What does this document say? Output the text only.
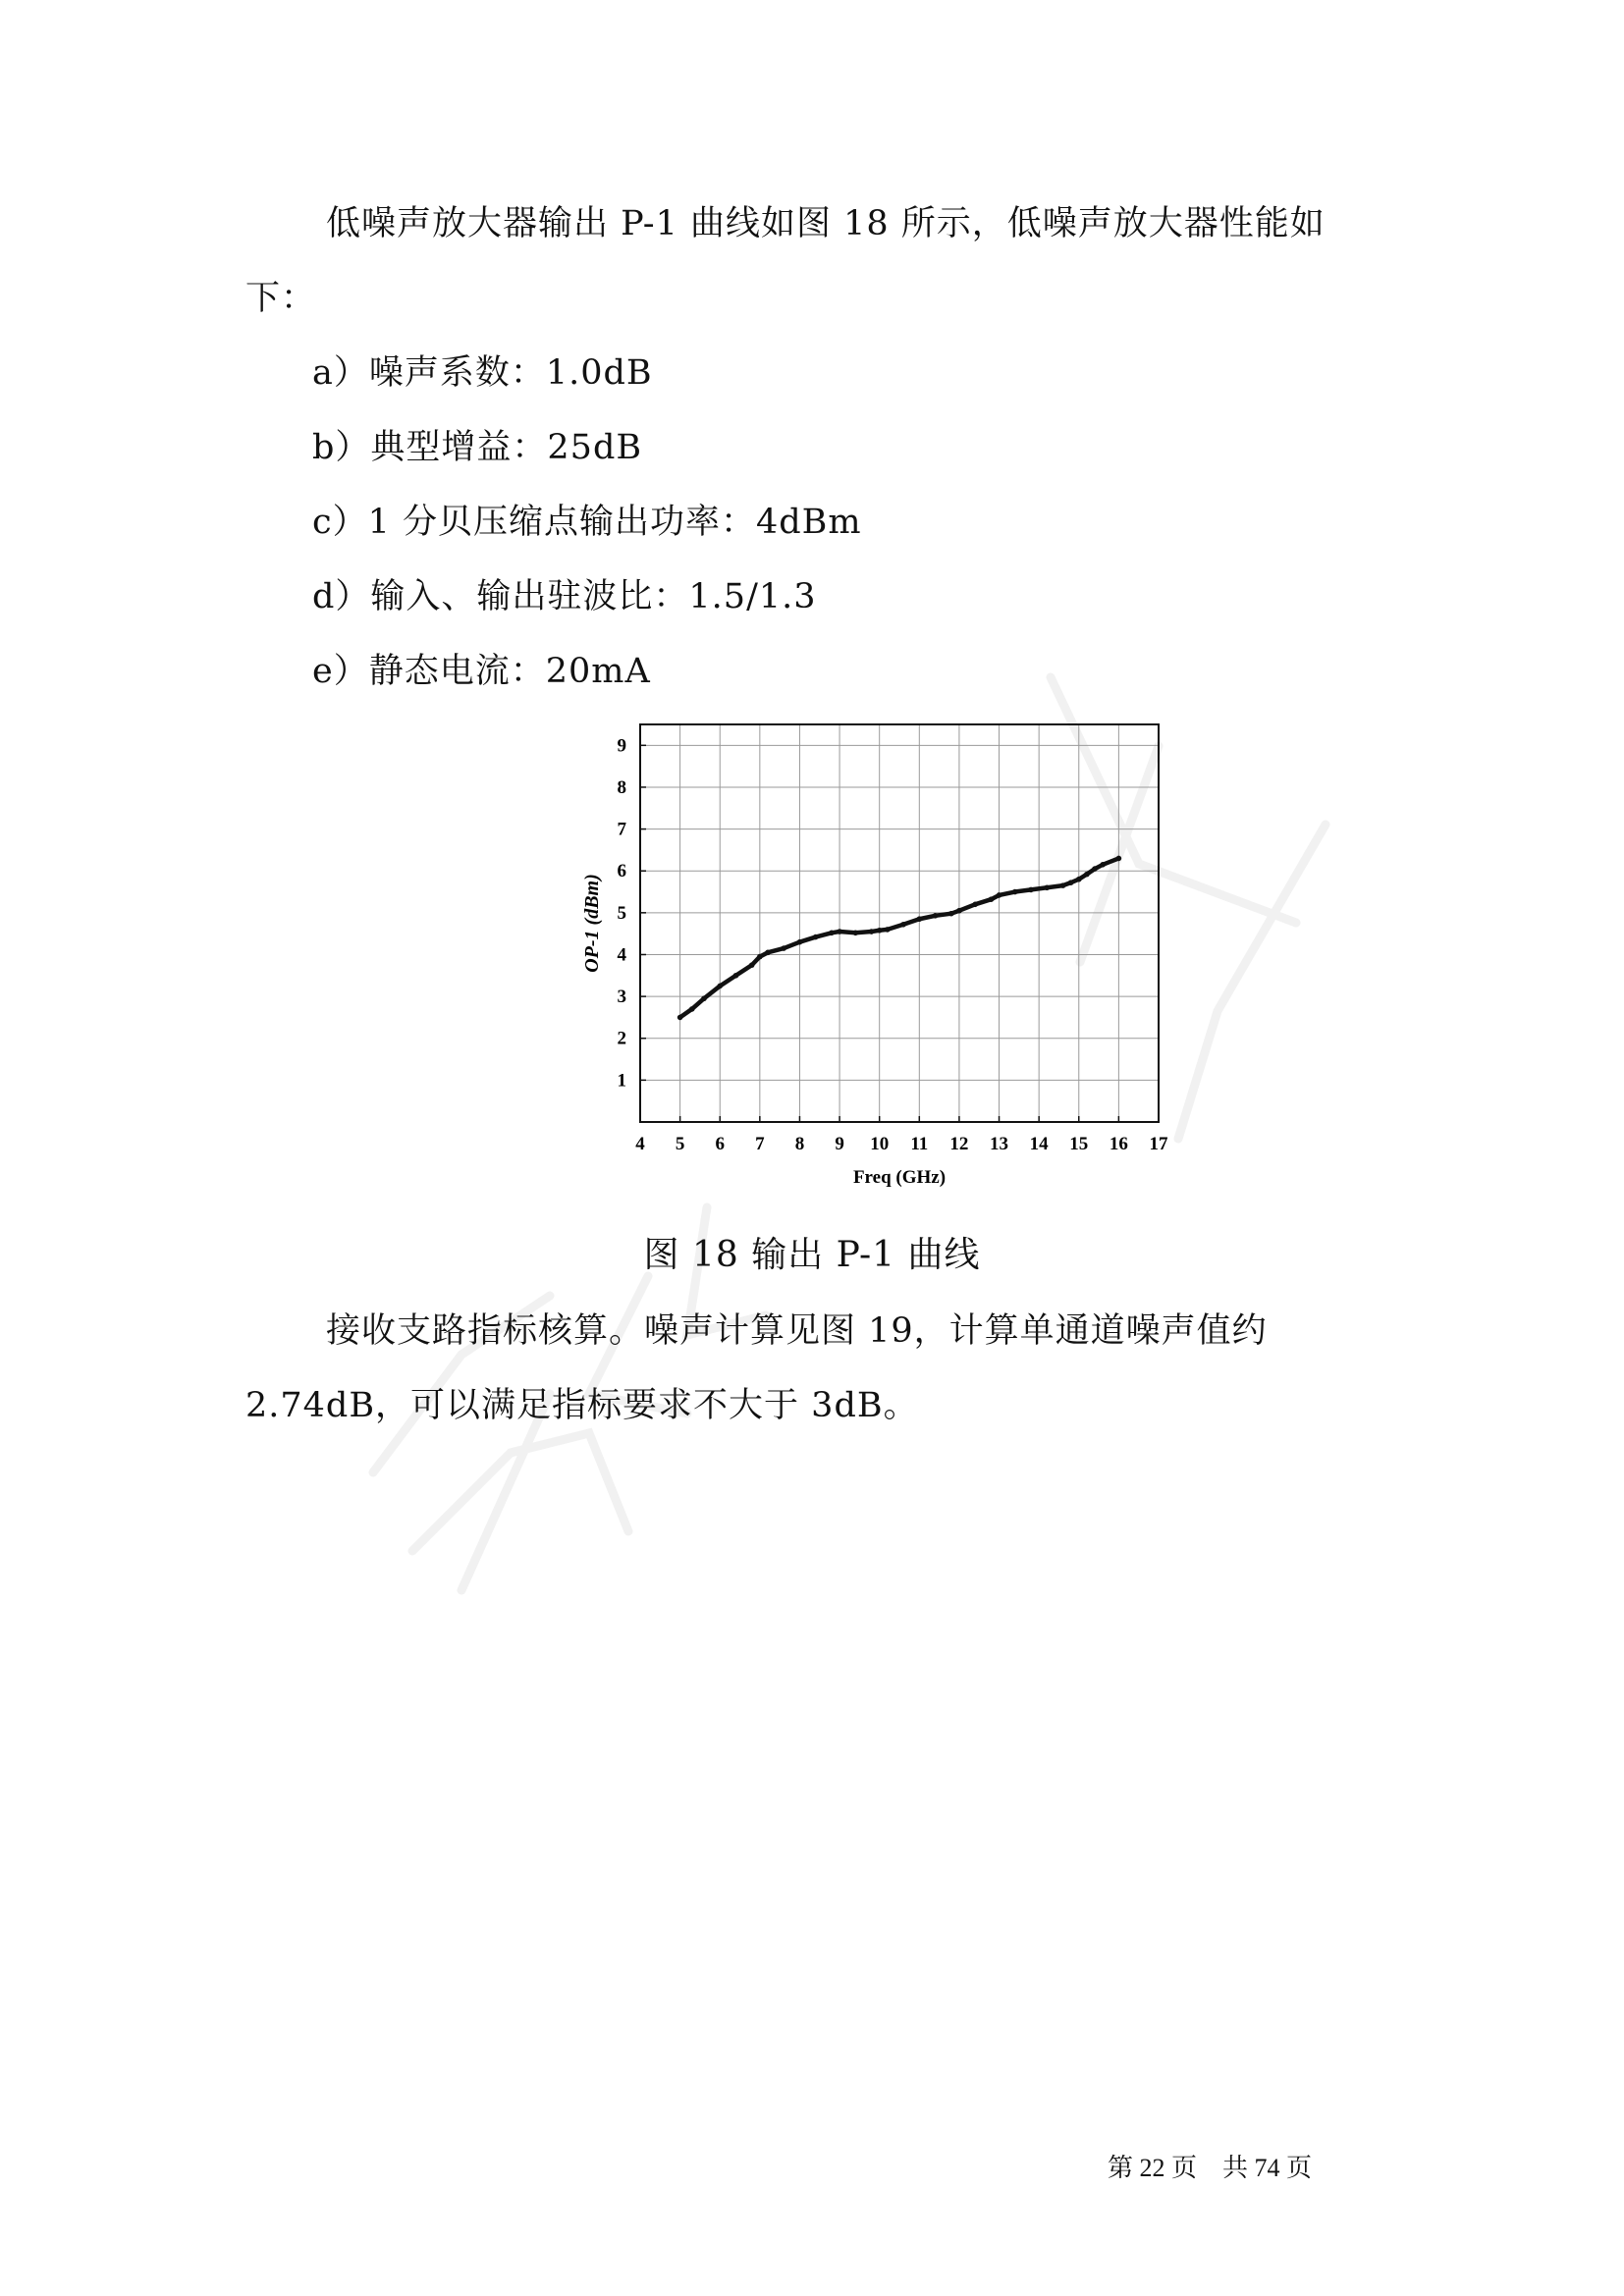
低噪声放大器输出 P-1 曲线如图 18 所示，低噪声放大器性能如下：

a）噪声系数：1.0dB

b）典型增益：25dB

c）1 分贝压缩点输出功率：4dBm

d）输入、输出驻波比：1.5/1.3

e）静态电流：20mA

4 5 6 7 8 9 10 11 12 13 14 15 16 17
1
2
3
4
5
6
7
8
9
Freq (GHz)
OP-1 (dBm)
图 18 输出 P-1 曲线

接收支路指标核算。噪声计算见图 19，计算单通道噪声值约 2.74dB，可以满足指标要求不大于 3dB。

第 22 页    共 74 页
